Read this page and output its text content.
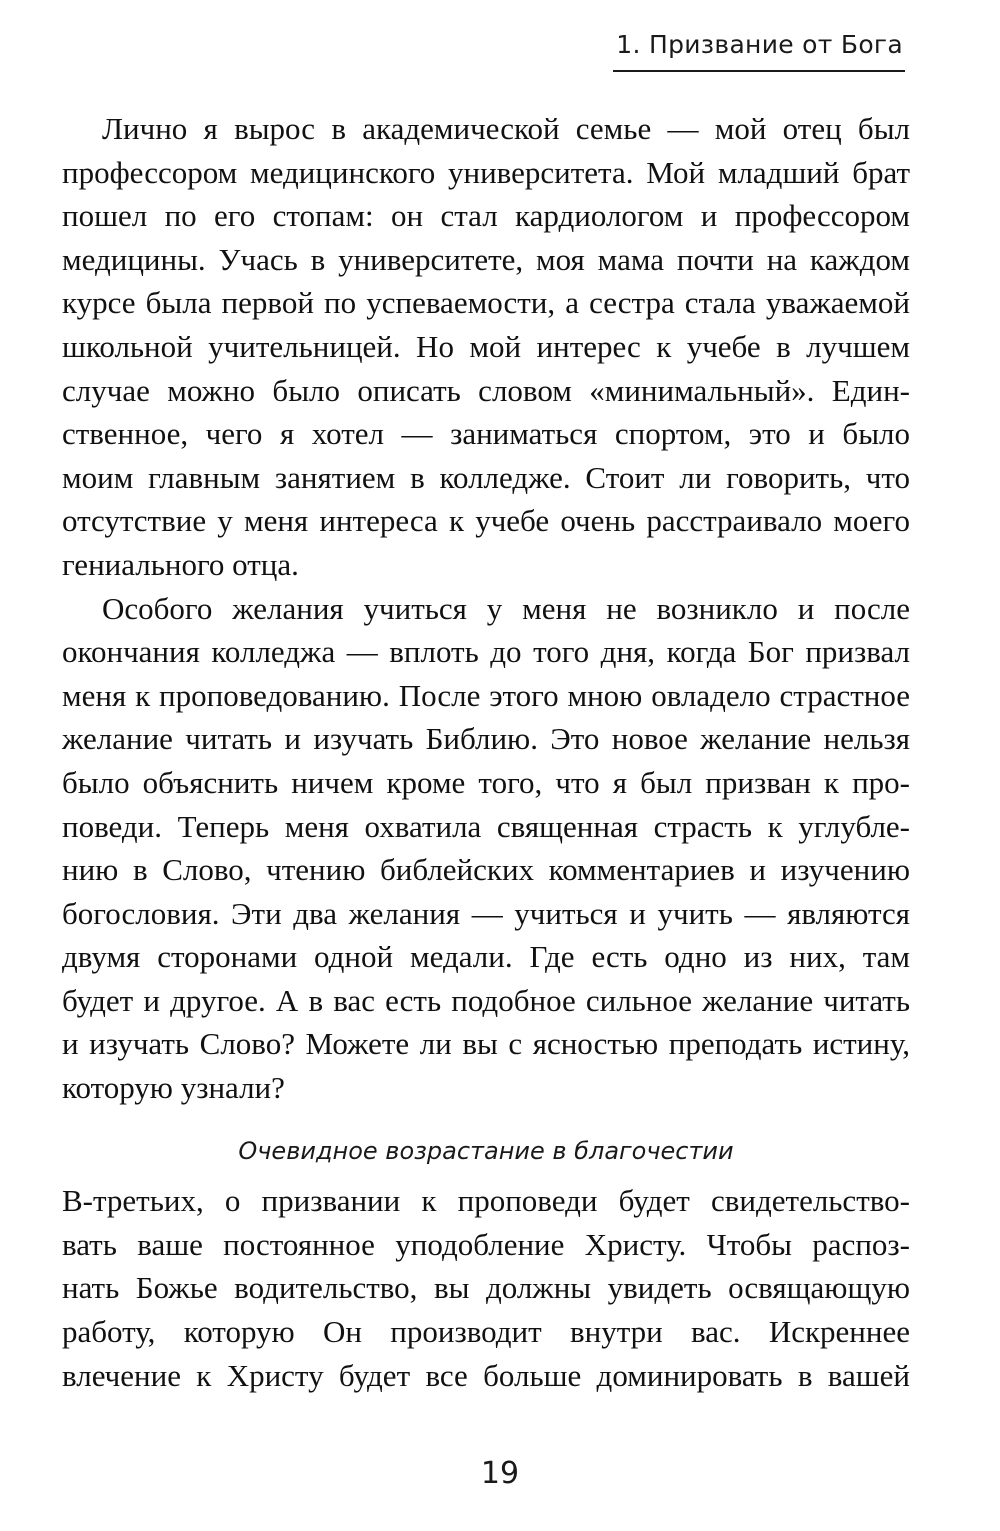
1. Призвание от Бога
Лично я вырос в академической семье — мой отец был
профессором медицинского университета. Мой младший брат
пошел по его стопам: он стал кардиологом и профессором
медицины. Учась в университете, моя мама почти на каждом
курсе была первой по успеваемости, а сестра стала уважаемой
школьной учительницей. Но мой интерес к учебе в лучшем
случае можно было описать словом «минимальный». Един-
ственное, чего я хотел — заниматься спортом, это и было
моим главным занятием в колледже. Стоит ли говорить, что
отсутствие у меня интереса к учебе очень расстраивало моего
гениального отца.
Особого желания учиться у меня не возникло и после
окончания колледжа — вплоть до того дня, когда Бог призвал
меня к проповедованию. После этого мною овладело страстное
желание читать и изучать Библию. Это новое желание нельзя
было объяснить ничем кроме того, что я был призван к про-
поведи. Теперь меня охватила священная страсть к углубле-
нию в Слово, чтению библейских комментариев и изучению
богословия. Эти два желания — учиться и учить — являются
двумя сторонами одной медали. Где есть одно из них, там
будет и другое. А в вас есть подобное сильное желание читать
и изучать Слово? Можете ли вы с ясностью преподать истину,
которую узнали?
Очевидное возрастание в благочестии
В-третьих, о призвании к проповеди будет свидетельство-
вать ваше постоянное уподобление Христу. Чтобы распоз-
нать Божье водительство, вы должны увидеть освящающую
работу, которую Он производит внутри вас. Искреннее
влечение к Христу будет все больше доминировать в вашей
19
